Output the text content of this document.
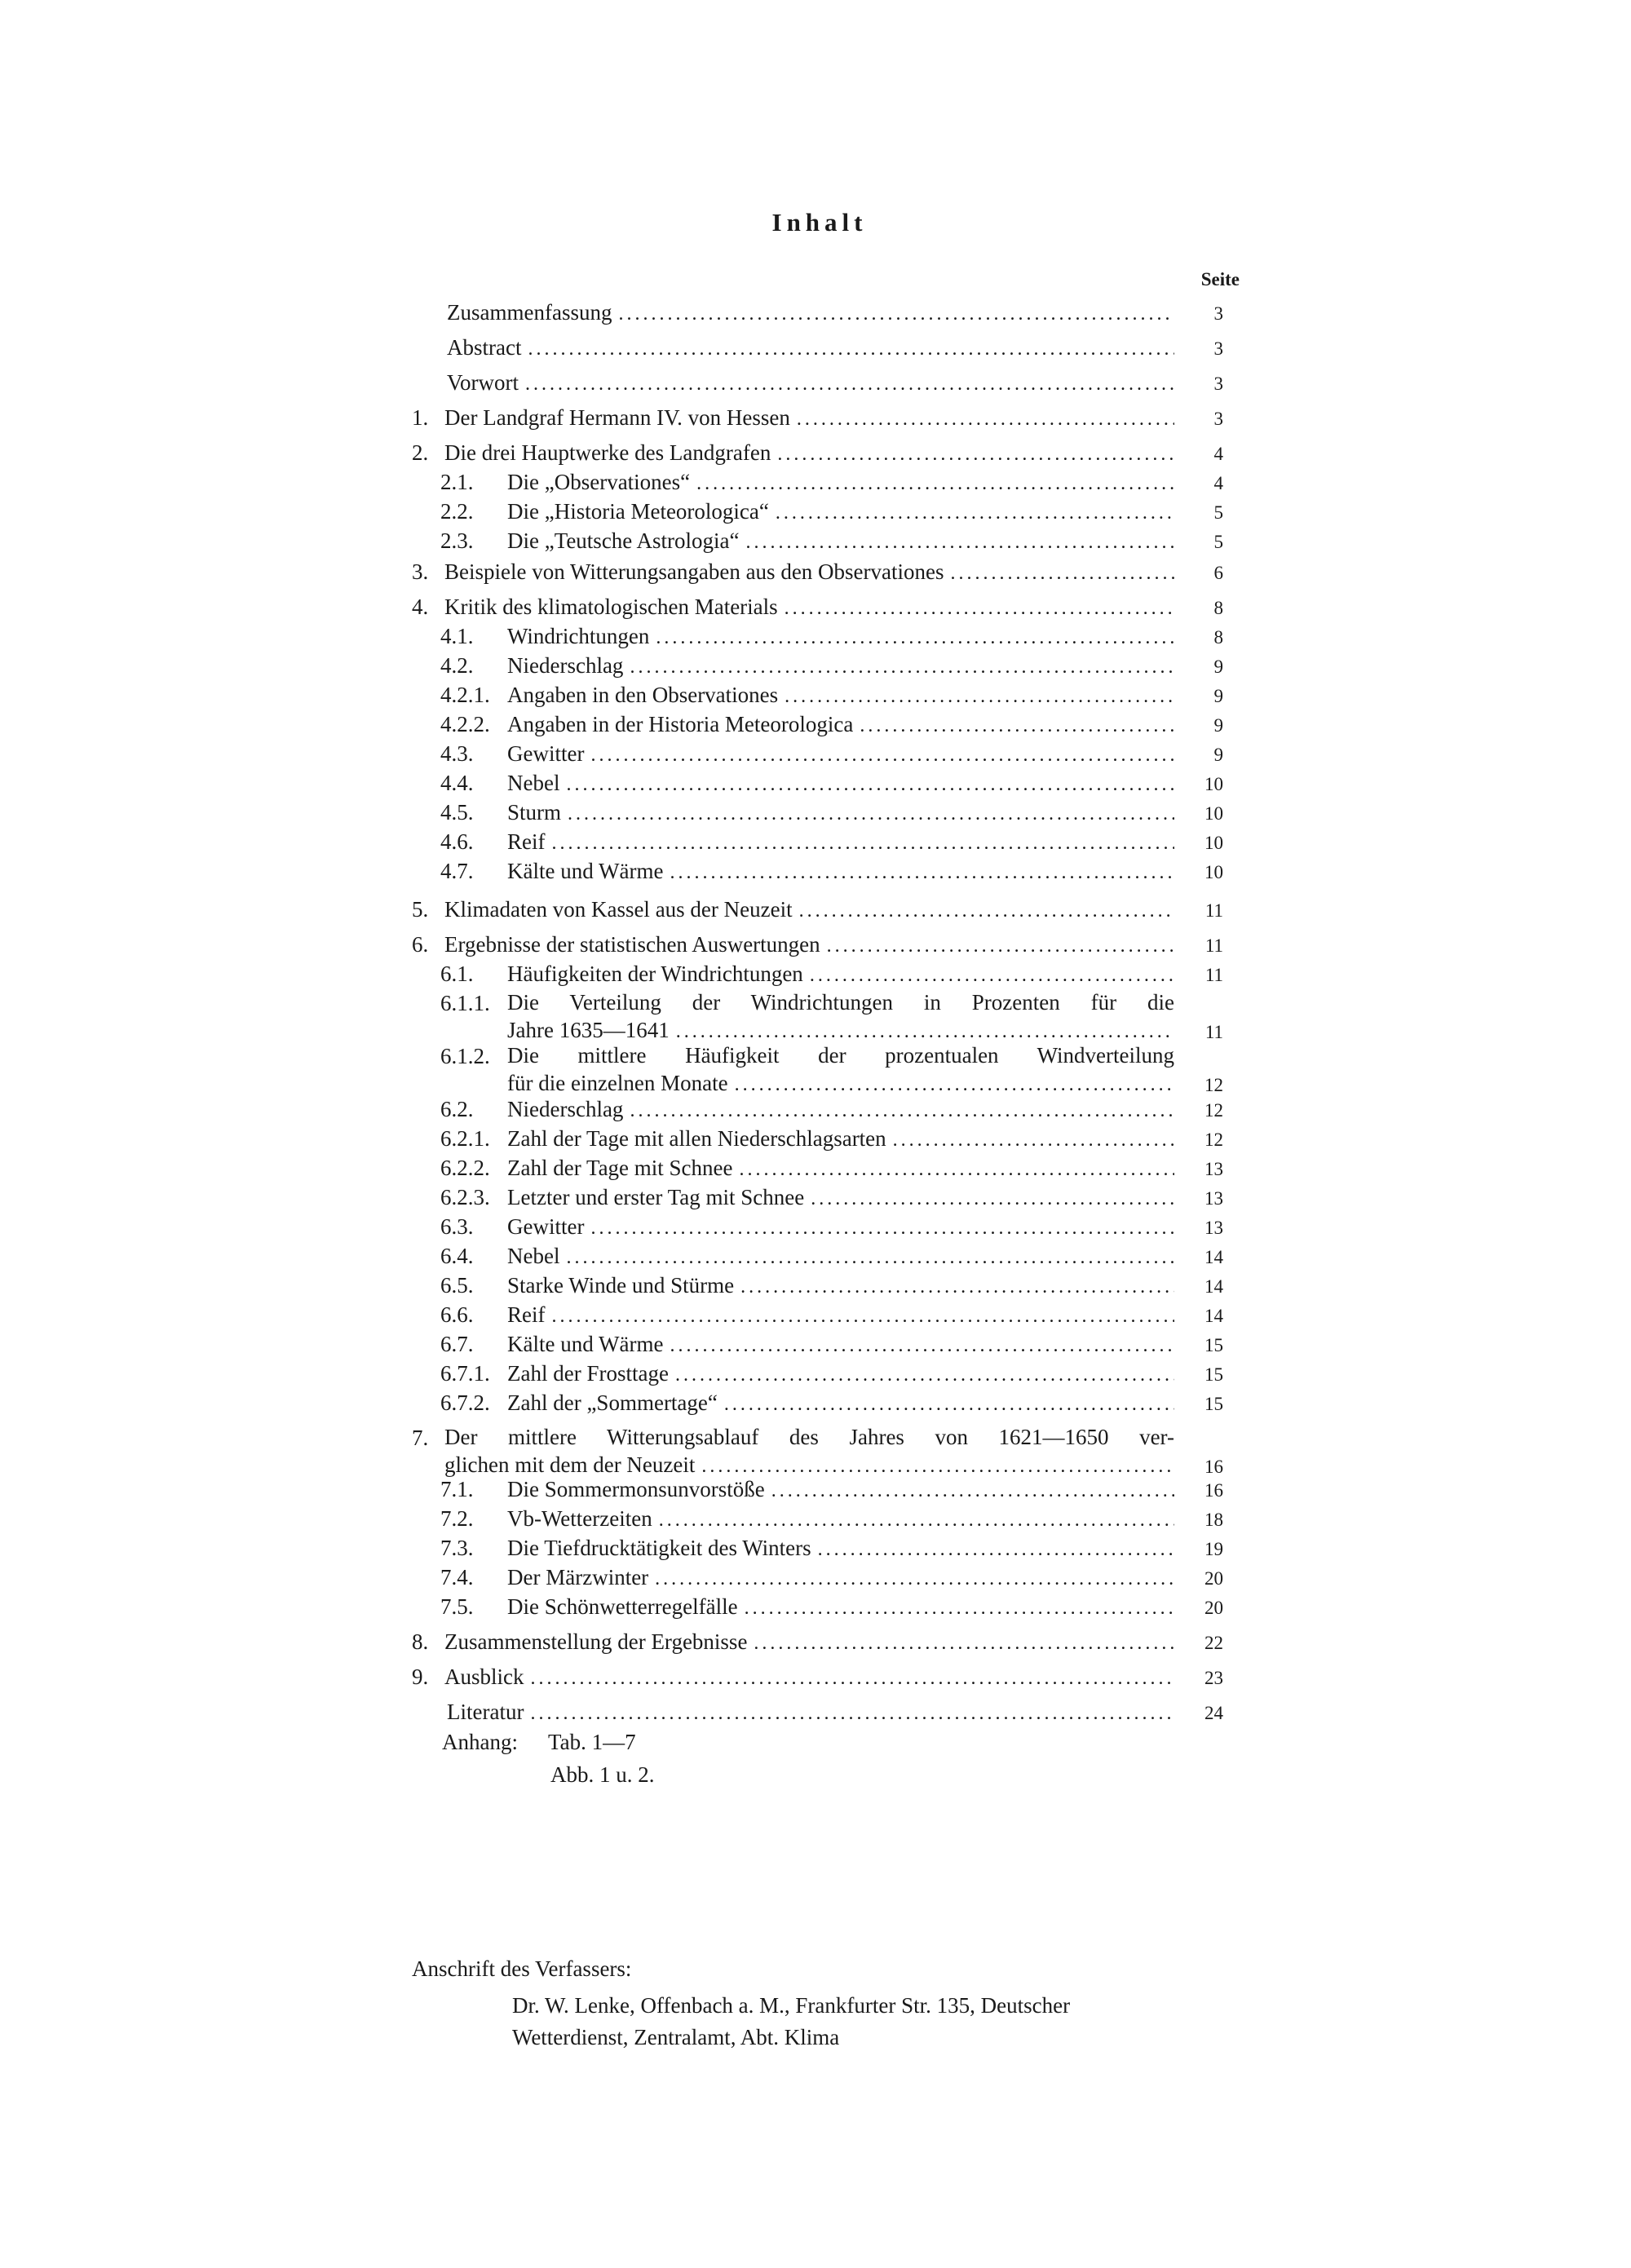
Inhalt
Seite
Zusammenfassung .....	3
Abstract .....	3
Vorwort .....	3
1. Der Landgraf Hermann IV. von Hessen .....	3
2. Die drei Hauptwerke des Landgrafen .....	4
2.1. Die „Observationes“ .....	4
2.2. Die „Historia Meteorologica“ .....	5
2.3. Die „Teutsche Astrologia“ .....	5
3. Beispiele von Witterungsangaben aus den Observationes .....	6
4. Kritik des klimatologischen Materials .....	8
4.1. Windrichtungen .....	8
4.2. Niederschlag .....	9
4.2.1. Angaben in den Observationes .....	9
4.2.2. Angaben in der Historia Meteorologica .....	9
4.3. Gewitter .....	9
4.4. Nebel .....	10
4.5. Sturm .....	10
4.6. Reif .....	10
4.7. Kälte und Wärme .....	10
5. Klimadaten von Kassel aus der Neuzeit .....	11
6. Ergebnisse der statistischen Auswertungen .....	11
6.1. Häufigkeiten der Windrichtungen .....	11
6.1.1. Die Verteilung der Windrichtungen in Prozenten für die
Jahre 1635—1641 .....	11
6.1.2. Die mittlere Häufigkeit der prozentualen Windverteilung
für die einzelnen Monate .....	12
6.2. Niederschlag .....	12
6.2.1. Zahl der Tage mit allen Niederschlagsarten .....	12
6.2.2. Zahl der Tage mit Schnee .....	13
6.2.3. Letzter und erster Tag mit Schnee .....	13
6.3. Gewitter .....	13
6.4. Nebel .....	14
6.5. Starke Winde und Stürme .....	14
6.6. Reif .....	14
6.7. Kälte und Wärme .....	15
6.7.1. Zahl der Frosttage .....	15
6.7.2. Zahl der „Sommertage“ .....	15
7. Der mittlere Witterungsablauf des Jahres von 1621—1650 ver-
glichen mit dem der Neuzeit .....	16
7.1. Die Sommermonsunvorstöße .....	16
7.2. Vb-Wetterzeiten .....	18
7.3. Die Tiefdrucktätigkeit des Winters .....	19
7.4. Der Märzwinter .....	20
7.5. Die Schönwetterregelfälle .....	20
8. Zusammenstellung der Ergebnisse .....	22
9. Ausblick .....	23
Literatur .....	24
Anhang: Tab. 1—7
Abb. 1 u. 2.
Anschrift des Verfassers:
Dr. W. Lenke, Offenbach a. M., Frankfurter Str. 135, Deutscher
Wetterdienst, Zentralamt, Abt. Klima
